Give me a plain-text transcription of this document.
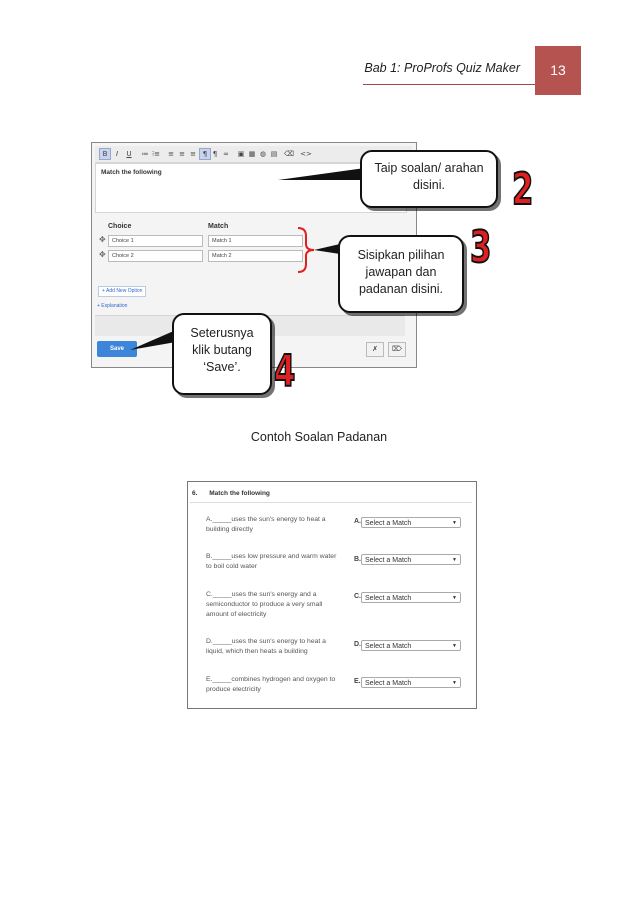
Bab 1: ProProfs Quiz Maker	13
B	I	U	≔ ⁝≡ ≡ ≡ ≡ ¶ ¶ ∞ ▣ ▦ ◍ ▤ ⌫ <>
Match the following
Choice	Match
✥	Choice 1	Match 1
✥	Choice 2	Match 2
+ Add New Option
+ Explanation
Save	✗	⌦
Taip soalan/ arahan
disini.	2
Sisipkan pilihan
jawapan dan
padanan disini.
3
Seterusnya
klik butang
‘Save’. 4
Contoh Soalan Padanan
6. Match the following
A._____uses the sun's energy to heat a
building directly
A. Select a Match	▼
B._____uses low pressure and warm water
to boil cold water
B. Select a Match	▼
C._____uses the sun's energy and a
semiconductor to produce a very small
amount of electricity
C. Select a Match	▼
D._____uses the sun's energy to heat a
liquid, which then heats a building
D. Select a Match	▼
E._____combines hydrogen and oxygen to
produce electricity
E. Select a Match	▼
